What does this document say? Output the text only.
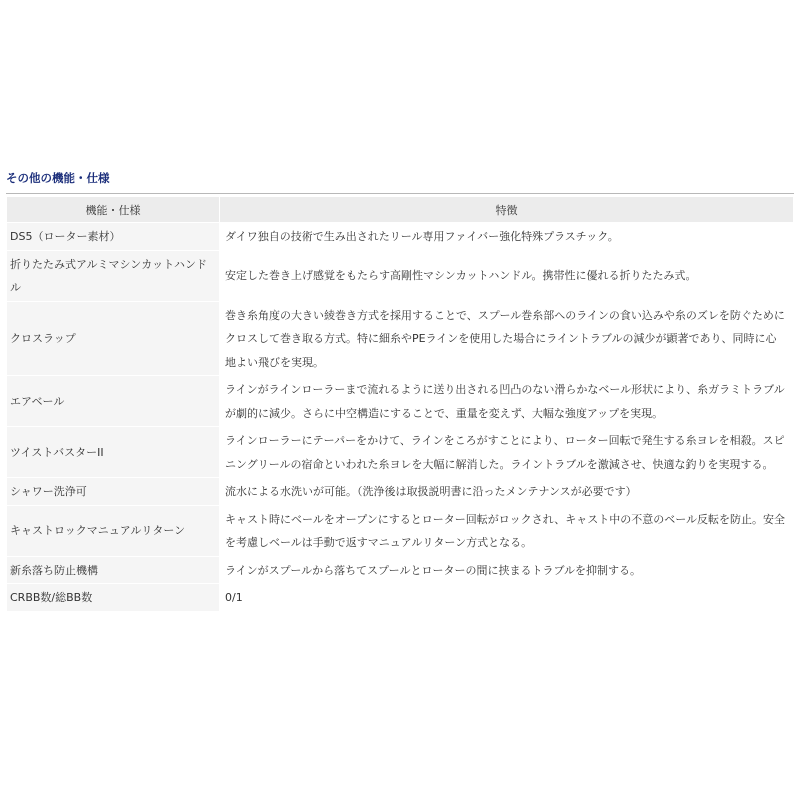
その他の機能・仕様
機能・仕様	特徴
DS5（ローター素材）	ダイワ独自の技術で生み出されたリール専用ファイバー強化特殊プラスチック。
折りたたみ式アルミマシンカットハンドル	安定した巻き上げ感覚をもたらす高剛性マシンカットハンドル。携帯性に優れる折りたたみ式。
クロスラップ	巻き糸角度の大きい綾巻き方式を採用することで、スプール巻糸部へのラインの食い込みや糸のズレを防ぐためにクロスして巻き取る方式。特に細糸やPEラインを使用した場合にライントラブルの減少が顕著であり、同時に心地よい飛びを実現。
エアベール	ラインがラインローラーまで流れるように送り出される凹凸のない滑らかなベール形状により、糸ガラミトラブルが劇的に減少。さらに中空構造にすることで、重量を変えず、大幅な強度アップを実現。
ツイストバスターII	ラインローラーにテーパーをかけて、ラインをころがすことにより、ローター回転で発生する糸ヨレを相殺。スピニングリールの宿命といわれた糸ヨレを大幅に解消した。ライントラブルを激減させ、快適な釣りを実現する。
シャワー洗浄可	流水による水洗いが可能。（洗浄後は取扱説明書に沿ったメンテナンスが必要です）
キャストロックマニュアルリターン	キャスト時にベールをオープンにするとローター回転がロックされ、キャスト中の不意のベール反転を防止。安全を考慮しベールは手動で返すマニュアルリターン方式となる。
新糸落ち防止機構	ラインがスプールから落ちてスプールとローターの間に挟まるトラブルを抑制する。
CRBB数/総BB数	0/1
